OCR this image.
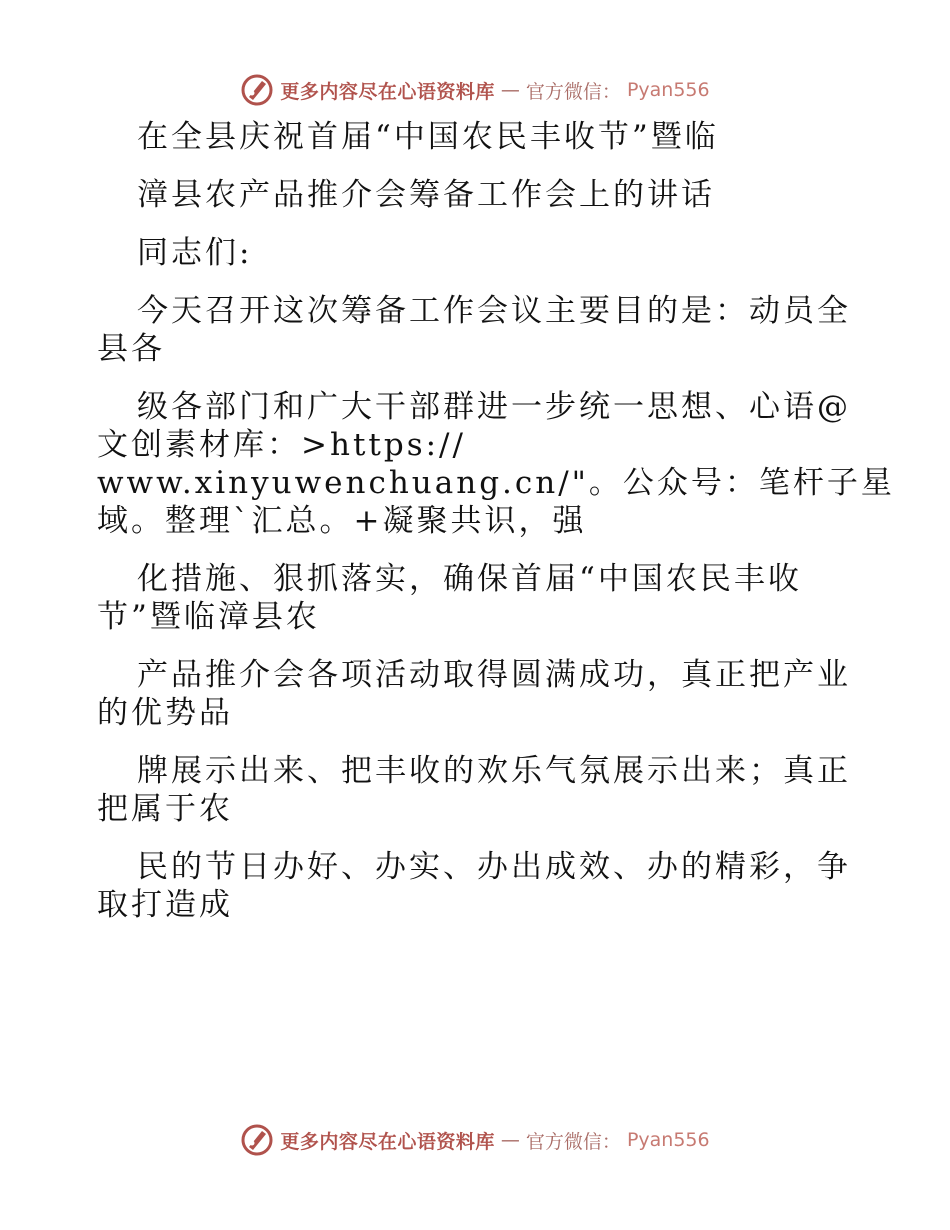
更多内容尽在心语资料库 — 官方微信： Pyan556
在全县庆祝首届“中国农民丰收节”暨临
漳县农产品推介会筹备工作会上的讲话
同志们:
今天召开这次筹备工作会议主要目的是：动员全
县各
级各部门和广大干部群进一步统一思想、心语@
文创素材库：>https://
www.xinyuwenchuang.cn/"。公众号：笔杆子星
域。整理`汇总。+凝聚共识，强
化措施、狠抓落实，确保首届“中国农民丰收
节”暨临漳县农
产品推介会各项活动取得圆满成功，真正把产业
的优势品
牌展示出来、把丰收的欢乐气氛展示出来；真正
把属于农
民的节日办好、办实、办出成效、办的精彩，争
取打造成
更多内容尽在心语资料库 — 官方微信： Pyan556
